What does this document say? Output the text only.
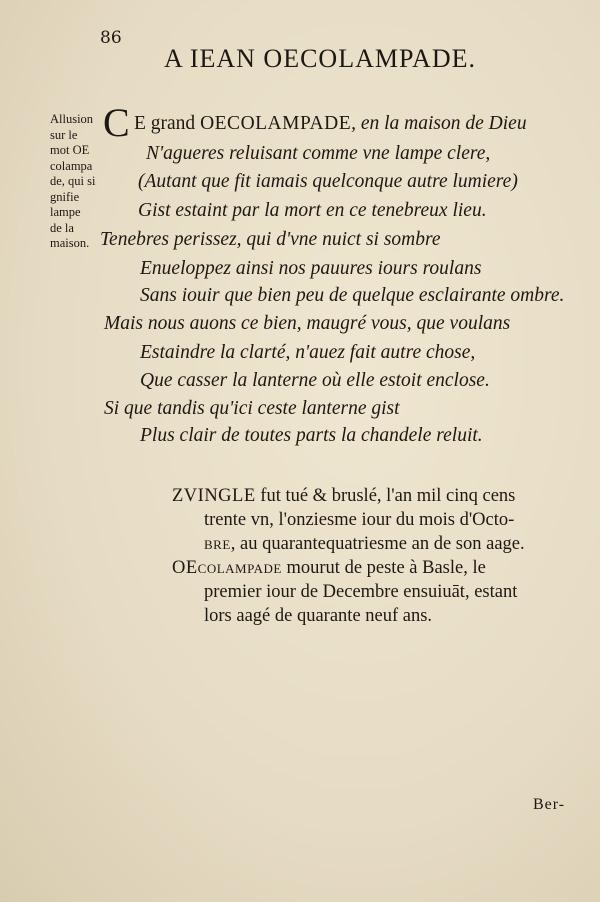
86
A IEAN OECOLAMPADE.
Allusion
sur le
mot OE
colampa
de, qui si
gnifie
lampe
de la
maison.
C E grand OECOLAMPADE, en la maison de Dieu
N'agueres reluisant comme vne lampe clere,
(Autant que fit iamais quelconque autre lumiere)
Gist estaint par la mort en ce tenebreux lieu.
Tenebres perissez, qui d'vne nuict si sombre
Enueloppez ainsi nos pauures iours roulans
Sans iouir que bien peu de quelque esclairante ombre.
Mais nous auons ce bien, maugré vous, que voulans
Estaindre la clarté, n'auez fait autre chose,
Que casser la lanterne où elle estoit enclose.
Si que tandis qu'ici ceste lanterne gist
Plus clair de toutes parts la chandele reluit.
ZVINGLE fut tué & bruslé, l'an mil cinq cens
trente vn, l'onziesme iour du mois d'Octo-
bre, au quarantequatriesme an de son aage.
OEcolampade mourut de peste à Basle, le
premier iour de Decembre ensuiuāt, estant
lors aagé de quarante neuf ans.
Ber-
